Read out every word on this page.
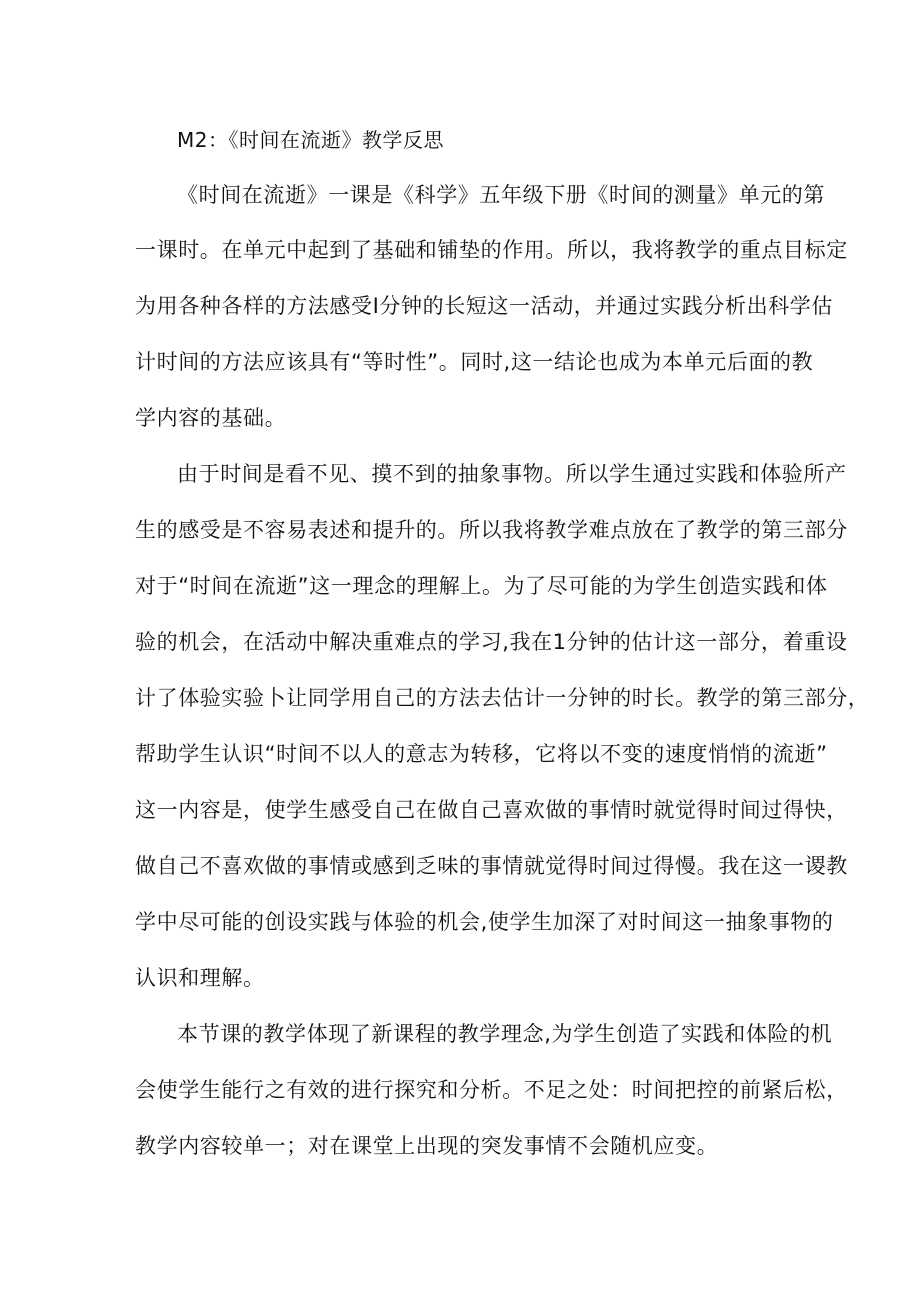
M2：《时间在流逝》教学反思
《时间在流逝》一课是《科学》五年级下册《时间的测量》单元的第
一课时。在单元中起到了基础和铺垫的作用。所以，我将教学的重点目标定
为用各种各样的方法感受I分钟的长短这一活动，并通过实践分析出科学估
计时间的方法应该具有“等时性”。同时,这一结论也成为本单元后面的教
学内容的基础。
由于时间是看不见、摸不到的抽象事物。所以学生通过实践和体验所产
生的感受是不容易表述和提升的。所以我将教学难点放在了教学的第三部分
对于“时间在流逝”这一理念的理解上。为了尽可能的为学生创造实践和体
验的机会，在活动中解决重难点的学习,我在1分钟的估计这一部分，着重设
计了体验实验卜让同学用自己的方法去估计一分钟的时长。教学的第三部分，
帮助学生认识“时间不以人的意志为转移，它将以不变的速度悄悄的流逝”
这一内容是，使学生感受自己在做自己喜欢做的事情时就觉得时间过得快，
做自己不喜欢做的事情或感到乏味的事情就觉得时间过得慢。我在这一谡教
学中尽可能的创设实践与体验的机会,使学生加深了对时间这一抽象事物的
认识和理解。
本节课的教学体现了新课程的教学理念,为学生创造了实践和体险的机
会使学生能行之有效的进行探究和分析。不足之处：时间把控的前紧后松，
教学内容较单一；对在课堂上出现的突发事情不会随机应变。
